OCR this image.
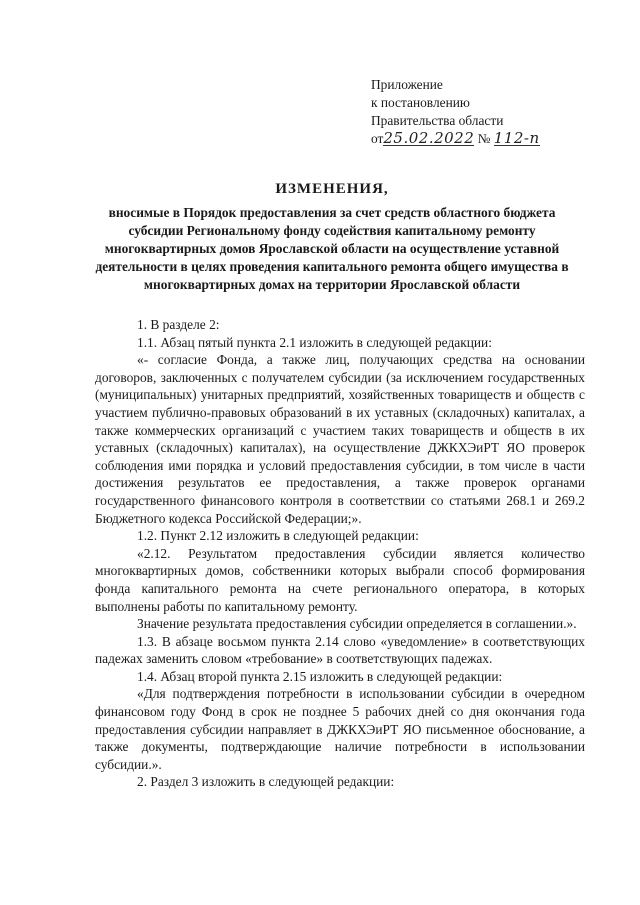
Приложение
к постановлению
Правительства области
от25.02.2022 № 112-п
ИЗМЕНЕНИЯ,
вносимые в Порядок предоставления за счет средств областного бюджета субсидии Региональному фонду содействия капитальному ремонту многоквартирных домов Ярославской области на осуществление уставной деятельности в целях проведения капитального ремонта общего имущества в многоквартирных домах на территории Ярославской области

1. В разделе 2:

1.1. Абзац пятый пункта 2.1 изложить в следующей редакции:

«- согласие Фонда, а также лиц, получающих средства на основании договоров, заключенных с получателем субсидии (за исключением государственных (муниципальных) унитарных предприятий, хозяйственных товариществ и обществ с участием публично-правовых образований в их уставных (складочных) капиталах, а также коммерческих организаций с участием таких товариществ и обществ в их уставных (складочных) капиталах), на осуществление ДЖКХЭиРТ ЯО проверок соблюдения ими порядка и условий предоставления субсидии, в том числе в части достижения результатов ее предоставления, а также проверок органами государственного финансового контроля в соответствии со статьями 268.1 и 269.2 Бюджетного кодекса Российской Федерации;».

1.2. Пункт 2.12 изложить в следующей редакции:

«2.12. Результатом предоставления субсидии является количество многоквартирных домов, собственники которых выбрали способ формирования фонда капитального ремонта на счете регионального оператора, в которых выполнены работы по капитальному ремонту.

Значение результата предоставления субсидии определяется в соглашении.».

1.3. В абзаце восьмом пункта 2.14 слово «уведомление» в соответствующих падежах заменить словом «требование» в соответствующих падежах.

1.4. Абзац второй пункта 2.15 изложить в следующей редакции:

«Для подтверждения потребности в использовании субсидии в очередном финансовом году Фонд в срок не позднее 5 рабочих дней со дня окончания года предоставления субсидии направляет в ДЖКХЭиРТ ЯО письменное обоснование, а также документы, подтверждающие наличие потребности в использовании субсидии.».

2. Раздел 3 изложить в следующей редакции:
